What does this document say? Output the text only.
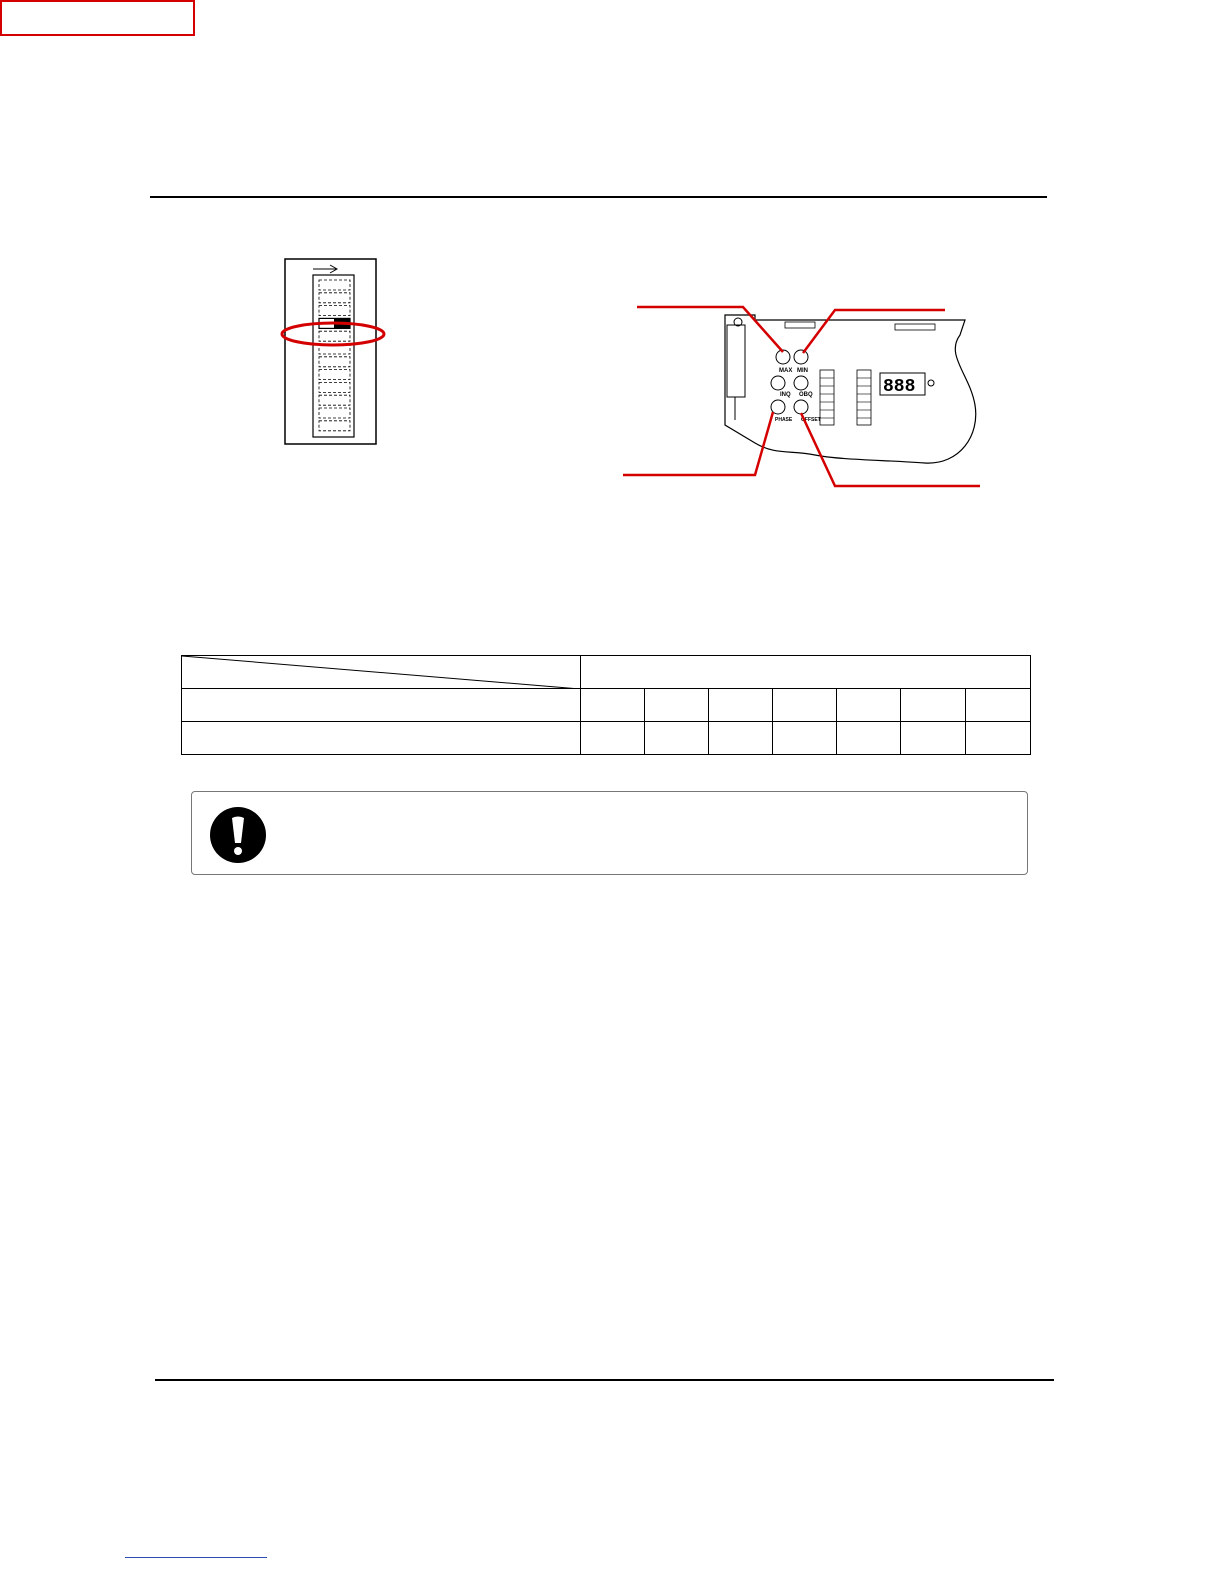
MAX MIN
INQ OBQ
PHASE OFFSET
888
